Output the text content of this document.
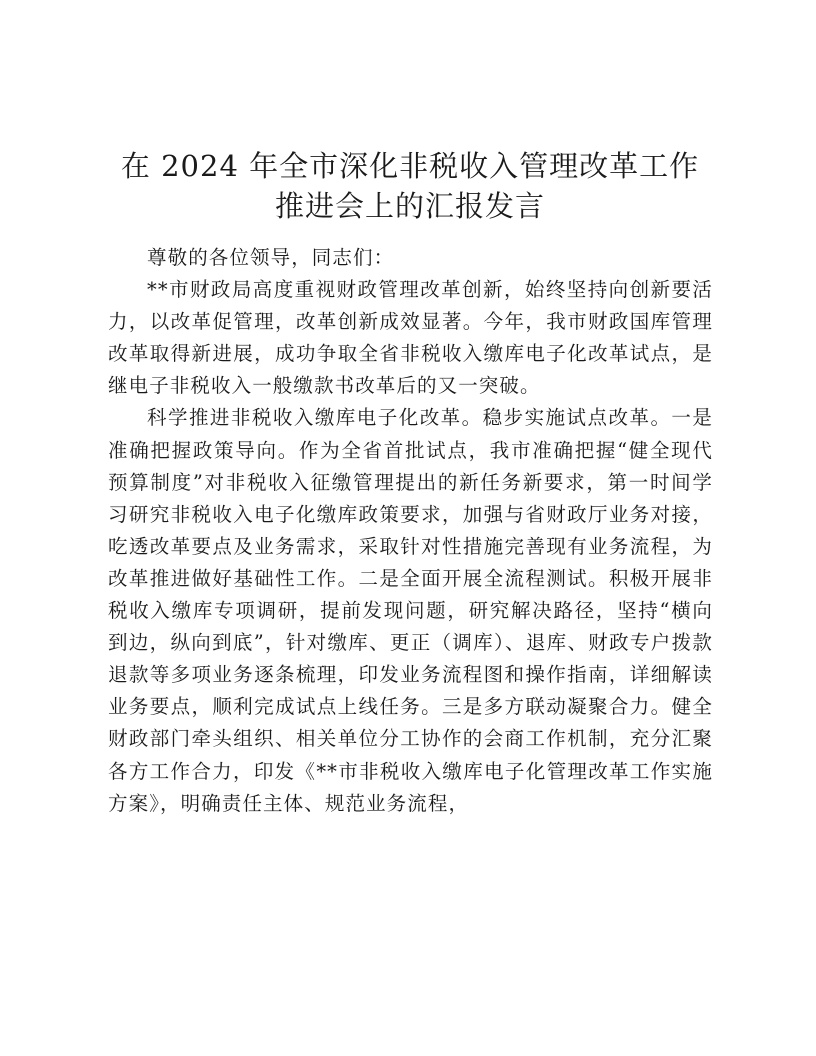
在 2024 年全市深化非税收入管理改革工作推进会上的汇报发言

尊敬的各位领导，同志们：

**市财政局高度重视财政管理改革创新，始终坚持向创新要活力，以改革促管理，改革创新成效显著。今年，我市财政国库管理改革取得新进展，成功争取全省非税收入缴库电子化改革试点，是继电子非税收入一般缴款书改革后的又一突破。

科学推进非税收入缴库电子化改革。稳步实施试点改革。一是准确把握政策导向。作为全省首批试点，我市准确把握“健全现代预算制度”对非税收入征缴管理提出的新任务新要求，第一时间学习研究非税收入电子化缴库政策要求，加强与省财政厅业务对接，吃透改革要点及业务需求，采取针对性措施完善现有业务流程，为改革推进做好基础性工作。二是全面开展全流程测试。积极开展非税收入缴库专项调研，提前发现问题，研究解决路径，坚持“横向到边，纵向到底”，针对缴库、更正（调库）、退库、财政专户拨款退款等多项业务逐条梳理，印发业务流程图和操作指南，详细解读业务要点，顺利完成试点上线任务。三是多方联动凝聚合力。健全财政部门牵头组织、相关单位分工协作的会商工作机制，充分汇聚各方工作合力，印发《**市非税收入缴库电子化管理改革工作实施方案》，明确责任主体、规范业务流程，
